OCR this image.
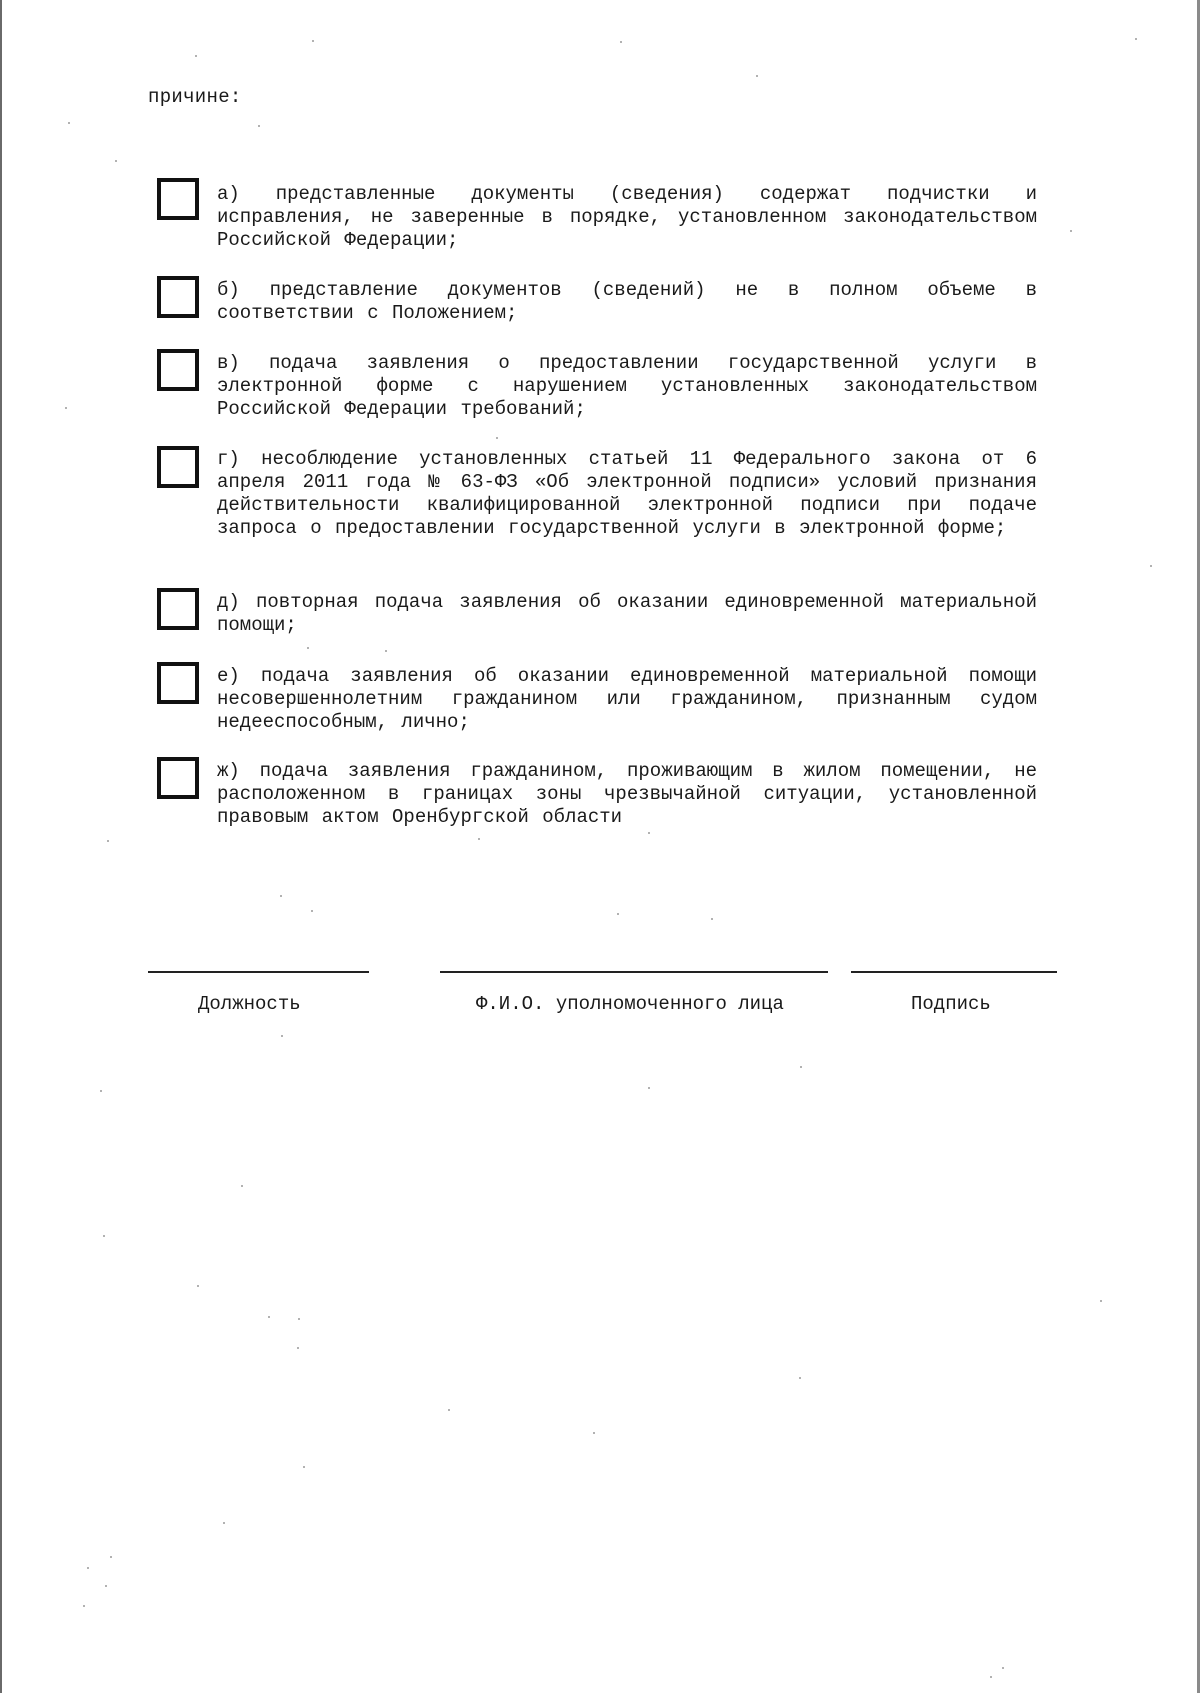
причине:
а) представленные документы (сведения) содержат подчистки и исправления, не заверенные в порядке, установленном законодательством Российской Федерации;
б) представление документов (сведений) не в полном объеме в соответствии с Положением;
в) подача заявления о предоставлении государственной услуги в электронной форме с нарушением установленных законодательством Российской Федерации требований;
г) несоблюдение установленных статьей 11 Федерального закона от 6 апреля 2011 года № 63-ФЗ «Об электронной подписи» условий признания действительности квалифицированной электронной подписи при подаче запроса о предоставлении государственной услуги в электронной форме;
д) повторная подача заявления об оказании единовременной материальной помощи;
е) подача заявления об оказании единовременной материальной помощи несовершеннолетним гражданином или гражданином, признанным судом недееспособным, лично;
ж) подача заявления гражданином, проживающим в жилом помещении, не расположенном в границах зоны чрезвычайной ситуации, установленной правовым актом Оренбургской области
Должность	Ф.И.О. уполномоченного лица	Подпись
